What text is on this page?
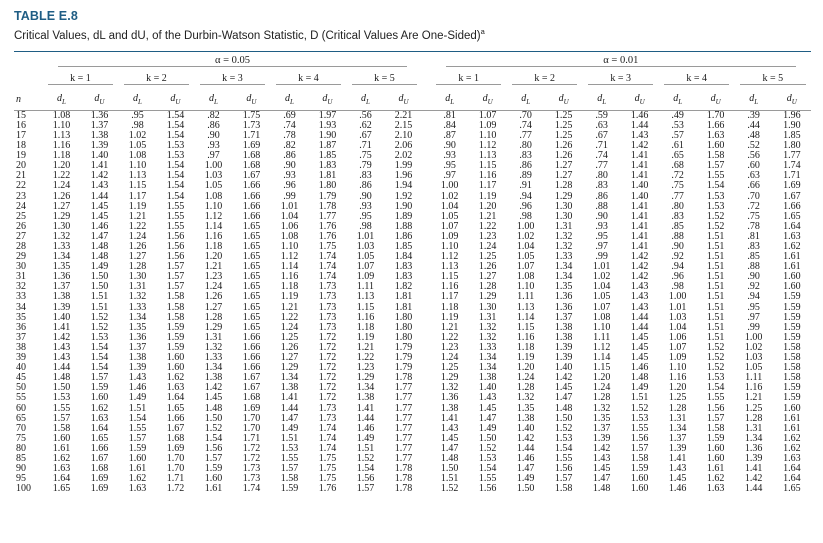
TABLE E.8
Critical Values, dL and dU, of the Durbin-Watson Statistic, D (Critical Values Are One-Sided)$^a$
	α = 0.05											α = 0.01									
	k = 1		k = 2		k = 3		k = 4		k = 5			k = 1		k = 2		k = 3		k = 4		k = 5	
n	$d_L$	$d_U$	$d_L$	$d_U$	$d_L$	$d_U$	$d_L$	$d_U$	$d_L$	$d_U$		$d_L$	$d_U$	$d_L$	$d_U$	$d_L$	$d_U$	$d_L$	$d_U$	$d_L$	$d_U$
15	1.08	1.36	.95	1.54	.82	1.75	.69	1.97	.56	2.21		.81	1.07	.70	1.25	.59	1.46	.49	1.70	.39	1.96
16	1.10	1.37	.98	1.54	.86	1.73	.74	1.93	.62	2.15		.84	1.09	.74	1.25	.63	1.44	.53	1.66	.44	1.90
17	1.13	1.38	1.02	1.54	.90	1.71	.78	1.90	.67	2.10		.87	1.10	.77	1.25	.67	1.43	.57	1.63	.48	1.85
18	1.16	1.39	1.05	1.53	.93	1.69	.82	1.87	.71	2.06		.90	1.12	.80	1.26	.71	1.42	.61	1.60	.52	1.80
19	1.18	1.40	1.08	1.53	.97	1.68	.86	1.85	.75	2.02		.93	1.13	.83	1.26	.74	1.41	.65	1.58	.56	1.77
20	1.20	1.41	1.10	1.54	1.00	1.68	.90	1.83	.79	1.99		.95	1.15	.86	1.27	.77	1.41	.68	1.57	.60	1.74
21	1.22	1.42	1.13	1.54	1.03	1.67	.93	1.81	.83	1.96		.97	1.16	.89	1.27	.80	1.41	.72	1.55	.63	1.71
22	1.24	1.43	1.15	1.54	1.05	1.66	.96	1.80	.86	1.94		1.00	1.17	.91	1.28	.83	1.40	.75	1.54	.66	1.69
23	1.26	1.44	1.17	1.54	1.08	1.66	.99	1.79	.90	1.92		1.02	1.19	.94	1.29	.86	1.40	.77	1.53	.70	1.67
24	1.27	1.45	1.19	1.55	1.10	1.66	1.01	1.78	.93	1.90		1.04	1.20	.96	1.30	.88	1.41	.80	1.53	.72	1.66
25	1.29	1.45	1.21	1.55	1.12	1.66	1.04	1.77	.95	1.89		1.05	1.21	.98	1.30	.90	1.41	.83	1.52	.75	1.65
26	1.30	1.46	1.22	1.55	1.14	1.65	1.06	1.76	.98	1.88		1.07	1.22	1.00	1.31	.93	1.41	.85	1.52	.78	1.64
27	1.32	1.47	1.24	1.56	1.16	1.65	1.08	1.76	1.01	1.86		1.09	1.23	1.02	1.32	.95	1.41	.88	1.51	.81	1.63
28	1.33	1.48	1.26	1.56	1.18	1.65	1.10	1.75	1.03	1.85		1.10	1.24	1.04	1.32	.97	1.41	.90	1.51	.83	1.62
29	1.34	1.48	1.27	1.56	1.20	1.65	1.12	1.74	1.05	1.84		1.12	1.25	1.05	1.33	.99	1.42	.92	1.51	.85	1.61
30	1.35	1.49	1.28	1.57	1.21	1.65	1.14	1.74	1.07	1.83		1.13	1.26	1.07	1.34	1.01	1.42	.94	1.51	.88	1.61
31	1.36	1.50	1.30	1.57	1.23	1.65	1.16	1.74	1.09	1.83		1.15	1.27	1.08	1.34	1.02	1.42	.96	1.51	.90	1.60
32	1.37	1.50	1.31	1.57	1.24	1.65	1.18	1.73	1.11	1.82		1.16	1.28	1.10	1.35	1.04	1.43	.98	1.51	.92	1.60
33	1.38	1.51	1.32	1.58	1.26	1.65	1.19	1.73	1.13	1.81		1.17	1.29	1.11	1.36	1.05	1.43	1.00	1.51	.94	1.59
34	1.39	1.51	1.33	1.58	1.27	1.65	1.21	1.73	1.15	1.81		1.18	1.30	1.13	1.36	1.07	1.43	1.01	1.51	.95	1.59
35	1.40	1.52	1.34	1.58	1.28	1.65	1.22	1.73	1.16	1.80		1.19	1.31	1.14	1.37	1.08	1.44	1.03	1.51	.97	1.59
36	1.41	1.52	1.35	1.59	1.29	1.65	1.24	1.73	1.18	1.80		1.21	1.32	1.15	1.38	1.10	1.44	1.04	1.51	.99	1.59
37	1.42	1.53	1.36	1.59	1.31	1.66	1.25	1.72	1.19	1.80		1.22	1.32	1.16	1.38	1.11	1.45	1.06	1.51	1.00	1.59
38	1.43	1.54	1.37	1.59	1.32	1.66	1.26	1.72	1.21	1.79		1.23	1.33	1.18	1.39	1.12	1.45	1.07	1.52	1.02	1.58
39	1.43	1.54	1.38	1.60	1.33	1.66	1.27	1.72	1.22	1.79		1.24	1.34	1.19	1.39	1.14	1.45	1.09	1.52	1.03	1.58
40	1.44	1.54	1.39	1.60	1.34	1.66	1.29	1.72	1.23	1.79		1.25	1.34	1.20	1.40	1.15	1.46	1.10	1.52	1.05	1.58
45	1.48	1.57	1.43	1.62	1.38	1.67	1.34	1.72	1.29	1.78		1.29	1.38	1.24	1.42	1.20	1.48	1.16	1.53	1.11	1.58
50	1.50	1.59	1.46	1.63	1.42	1.67	1.38	1.72	1.34	1.77		1.32	1.40	1.28	1.45	1.24	1.49	1.20	1.54	1.16	1.59
55	1.53	1.60	1.49	1.64	1.45	1.68	1.41	1.72	1.38	1.77		1.36	1.43	1.32	1.47	1.28	1.51	1.25	1.55	1.21	1.59
60	1.55	1.62	1.51	1.65	1.48	1.69	1.44	1.73	1.41	1.77		1.38	1.45	1.35	1.48	1.32	1.52	1.28	1.56	1.25	1.60
65	1.57	1.63	1.54	1.66	1.50	1.70	1.47	1.73	1.44	1.77		1.41	1.47	1.38	1.50	1.35	1.53	1.31	1.57	1.28	1.61
70	1.58	1.64	1.55	1.67	1.52	1.70	1.49	1.74	1.46	1.77		1.43	1.49	1.40	1.52	1.37	1.55	1.34	1.58	1.31	1.61
75	1.60	1.65	1.57	1.68	1.54	1.71	1.51	1.74	1.49	1.77		1.45	1.50	1.42	1.53	1.39	1.56	1.37	1.59	1.34	1.62
80	1.61	1.66	1.59	1.69	1.56	1.72	1.53	1.74	1.51	1.77		1.47	1.52	1.44	1.54	1.42	1.57	1.39	1.60	1.36	1.62
85	1.62	1.67	1.60	1.70	1.57	1.72	1.55	1.75	1.52	1.77		1.48	1.53	1.46	1.55	1.43	1.58	1.41	1.60	1.39	1.63
90	1.63	1.68	1.61	1.70	1.59	1.73	1.57	1.75	1.54	1.78		1.50	1.54	1.47	1.56	1.45	1.59	1.43	1.61	1.41	1.64
95	1.64	1.69	1.62	1.71	1.60	1.73	1.58	1.75	1.56	1.78		1.51	1.55	1.49	1.57	1.47	1.60	1.45	1.62	1.42	1.64
100	1.65	1.69	1.63	1.72	1.61	1.74	1.59	1.76	1.57	1.78		1.52	1.56	1.50	1.58	1.48	1.60	1.46	1.63	1.44	1.65
